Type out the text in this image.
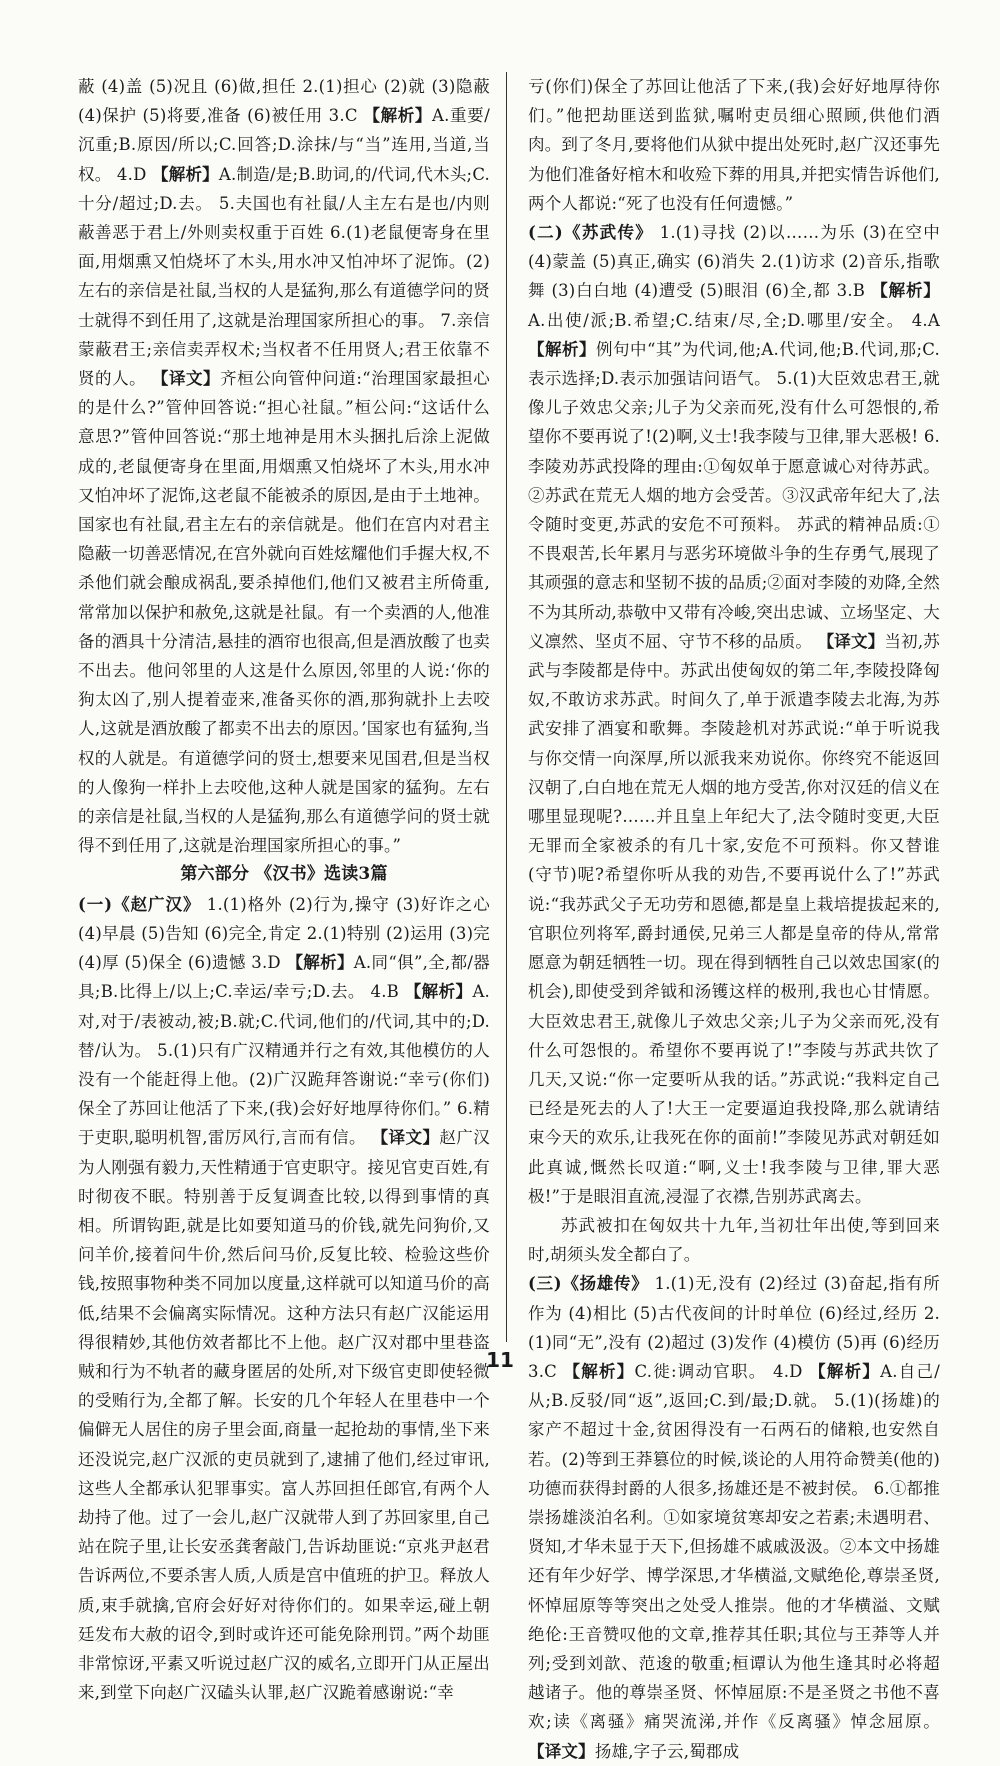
蔽 (4)盖 (5)况且 (6)做,担任 2.(1)担心 (2)就 (3)隐蔽 (4)保护 (5)将要,准备 (6)被任用 3.C 【解析】A.重要/沉重;B.原因/所以;C.回答;D.涂抹/与“当”连用,当道,当权。 4.D 【解析】A.制造/是;B.助词,的/代词,代木头;C.十分/超过;D.去。 5.夫国也有社鼠/人主左右是也/内则蔽善恶于君上/外则卖权重于百姓 6.(1)老鼠便寄身在里面,用烟熏又怕烧坏了木头,用水冲又怕冲坏了泥饰。(2)左右的亲信是社鼠,当权的人是猛狗,那么有道德学问的贤士就得不到任用了,这就是治理国家所担心的事。 7.亲信蒙蔽君王;亲信卖弄权术;当权者不任用贤人;君王依靠不贤的人。 【译文】齐桓公向管仲问道:“治理国家最担心的是什么?”管仲回答说:“担心社鼠。”桓公问:“这话什么意思?”管仲回答说:“那土地神是用木头捆扎后涂上泥做成的,老鼠便寄身在里面,用烟熏又怕烧坏了木头,用水冲又怕冲坏了泥饰,这老鼠不能被杀的原因,是由于土地神。国家也有社鼠,君主左右的亲信就是。他们在宫内对君主隐蔽一切善恶情况,在宫外就向百姓炫耀他们手握大权,不杀他们就会酿成祸乱,要杀掉他们,他们又被君主所倚重,常常加以保护和赦免,这就是社鼠。有一个卖酒的人,他准备的酒具十分清洁,悬挂的酒帘也很高,但是酒放酸了也卖不出去。他问邻里的人这是什么原因,邻里的人说:‘你的狗太凶了,别人提着壶来,准备买你的酒,那狗就扑上去咬人,这就是酒放酸了都卖不出去的原因。’国家也有猛狗,当权的人就是。有道德学问的贤士,想要来见国君,但是当权的人像狗一样扑上去咬他,这种人就是国家的猛狗。左右的亲信是社鼠,当权的人是猛狗,那么有道德学问的贤士就得不到任用了,这就是治理国家所担心的事。”

第六部分 《汉书》选读3篇

(一)《赵广汉》 1.(1)格外 (2)行为,操守 (3)好诈之心 (4)早晨 (5)告知 (6)完全,肯定 2.(1)特别 (2)运用 (3)完 (4)厚 (5)保全 (6)遗憾 3.D 【解析】A.同“俱”,全,都/器具;B.比得上/以上;C.幸运/幸亏;D.去。 4.B 【解析】A.对,对于/表被动,被;B.就;C.代词,他们的/代词,其中的;D.替/认为。 5.(1)只有广汉精通并行之有效,其他模仿的人没有一个能赶得上他。(2)广汉跪拜答谢说:“幸亏(你们)保全了苏回让他活了下来,(我)会好好地厚待你们。” 6.精于吏职,聪明机智,雷厉风行,言而有信。 【译文】赵广汉为人刚强有毅力,天性精通于官吏职守。接见官吏百姓,有时彻夜不眠。特别善于反复调查比较,以得到事情的真相。所谓钩距,就是比如要知道马的价钱,就先问狗价,又问羊价,接着问牛价,然后问马价,反复比较、检验这些价钱,按照事物种类不同加以度量,这样就可以知道马价的高低,结果不会偏离实际情况。这种方法只有赵广汉能运用得很精妙,其他仿效者都比不上他。赵广汉对郡中里巷盗贼和行为不轨者的藏身匿居的处所,对下级官吏即使轻微的受贿行为,全都了解。长安的几个年轻人在里巷中一个偏僻无人居住的房子里会面,商量一起抢劫的事情,坐下来还没说完,赵广汉派的吏员就到了,逮捕了他们,经过审讯,这些人全都承认犯罪事实。富人苏回担任郎官,有两个人劫持了他。过了一会儿,赵广汉就带人到了苏回家里,自己站在院子里,让长安丞龚奢敲门,告诉劫匪说:“京兆尹赵君告诉两位,不要杀害人质,人质是宫中值班的护卫。释放人质,束手就擒,官府会好好对待你们的。如果幸运,碰上朝廷发布大赦的诏令,到时或许还可能免除刑罚。”两个劫匪非常惊讶,平素又听说过赵广汉的威名,立即开门从正屋出来,到堂下向赵广汉磕头认罪,赵广汉跪着感谢说:“幸

亏(你们)保全了苏回让他活了下来,(我)会好好地厚待你们。”他把劫匪送到监狱,嘱咐吏员细心照顾,供他们酒肉。到了冬月,要将他们从狱中提出处死时,赵广汉还事先为他们准备好棺木和收殓下葬的用具,并把实情告诉他们,两个人都说:“死了也没有任何遗憾。”

(二)《苏武传》 1.(1)寻找 (2)以……为乐 (3)在空中 (4)蒙盖 (5)真正,确实 (6)消失 2.(1)访求 (2)音乐,指歌舞 (3)白白地 (4)遭受 (5)眼泪 (6)全,都 3.B 【解析】A.出使/派;B.希望;C.结束/尽,全;D.哪里/安全。 4.A 【解析】例句中“其”为代词,他;A.代词,他;B.代词,那;C.表示选择;D.表示加强诘问语气。 5.(1)大臣效忠君王,就像儿子效忠父亲;儿子为父亲而死,没有什么可怨恨的,希望你不要再说了!(2)啊,义士!我李陵与卫律,罪大恶极! 6.李陵劝苏武投降的理由:①匈奴单于愿意诚心对待苏武。②苏武在荒无人烟的地方会受苦。③汉武帝年纪大了,法令随时变更,苏武的安危不可预料。 苏武的精神品质:①不畏艰苦,长年累月与恶劣环境做斗争的生存勇气,展现了其顽强的意志和坚韧不拔的品质;②面对李陵的劝降,全然不为其所动,恭敬中又带有冷峻,突出忠诚、立场坚定、大义凛然、坚贞不屈、守节不移的品质。 【译文】当初,苏武与李陵都是侍中。苏武出使匈奴的第二年,李陵投降匈奴,不敢访求苏武。时间久了,单于派遣李陵去北海,为苏武安排了酒宴和歌舞。李陵趁机对苏武说:“单于听说我与你交情一向深厚,所以派我来劝说你。你终究不能返回汉朝了,白白地在荒无人烟的地方受苦,你对汉廷的信义在哪里显现呢?……并且皇上年纪大了,法令随时变更,大臣无罪而全家被杀的有几十家,安危不可预料。你又替谁(守节)呢?希望你听从我的劝告,不要再说什么了!”苏武说:“我苏武父子无功劳和恩德,都是皇上栽培提拔起来的,官职位列将军,爵封通侯,兄弟三人都是皇帝的侍从,常常愿意为朝廷牺牲一切。现在得到牺牲自己以效忠国家(的机会),即使受到斧钺和汤镬这样的极刑,我也心甘情愿。大臣效忠君王,就像儿子效忠父亲;儿子为父亲而死,没有什么可怨恨的。希望你不要再说了!”李陵与苏武共饮了几天,又说:“你一定要听从我的话。”苏武说:“我料定自己已经是死去的人了!大王一定要逼迫我投降,那么就请结束今天的欢乐,让我死在你的面前!”李陵见苏武对朝廷如此真诚,慨然长叹道:“啊,义士!我李陵与卫律,罪大恶极!”于是眼泪直流,浸湿了衣襟,告别苏武离去。

苏武被扣在匈奴共十九年,当初壮年出使,等到回来时,胡须头发全都白了。

(三)《扬雄传》 1.(1)无,没有 (2)经过 (3)奋起,指有所作为 (4)相比 (5)古代夜间的计时单位 (6)经过,经历 2.(1)同“无”,没有 (2)超过 (3)发作 (4)模仿 (5)再 (6)经历 3.C 【解析】C.徙:调动官职。 4.D 【解析】A.自己/从;B.反驳/同“返”,返回;C.到/最;D.就。 5.(1)(扬雄)的家产不超过十金,贫困得没有一石两石的储粮,也安然自若。(2)等到王莽篡位的时候,谈论的人用符命赞美(他的)功德而获得封爵的人很多,扬雄还是不被封侯。 6.①都推崇扬雄淡泊名利。①如家境贫寒却安之若素;未遇明君、贤知,才华未显于天下,但扬雄不戚戚汲汲。②本文中扬雄还有年少好学、博学深思,才华横溢,文赋绝伦,尊崇圣贤,怀悼屈原等等突出之处受人推崇。他的才华横溢、文赋绝伦:王音赞叹他的文章,推荐其任职;其位与王莽等人并列;受到刘歆、范逡的敬重;桓谭认为他生逢其时必将超越诸子。他的尊崇圣贤、怀悼屈原:不是圣贤之书他不喜欢;读《离骚》痛哭流涕,并作《反离骚》悼念屈原。 【译文】扬雄,字子云,蜀郡成

11
